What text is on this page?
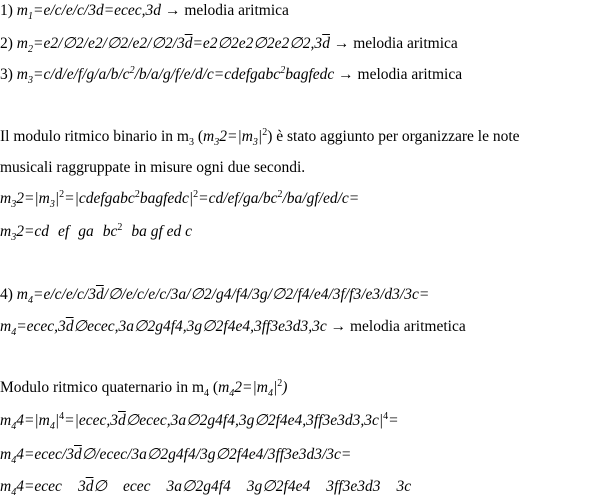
1) $m_1=e/c/e/c/3d=ecec,3d$ → melodia aritmica
2) $m_2=e2/\emptyset 2/e2/\emptyset 2/e2/\emptyset 2/3\overline{d}=e2\emptyset 2e2\emptyset 2e2\emptyset 2,3\overline{d}$ → melodia aritmica
3) $m_3=c/d/e/f/g/a/b/c^2/b/a/g/f/e/d/c=cdefgabc^2bagfedc$ → melodia aritmica
Il modulo ritmico binario in $m_3$ $(m_32=|m_3|^2)$ è stato aggiunto per organizzare le note
musicali raggruppate in misure ogni due secondi.
$m_32=|m_3|^2=|cdefgabc^2bagfedc|^2=cd/ef/ga/bc^2/ba/gf/ed/c=$
$m_32=cd$ ef ga $bc^2$ ba gf ed c
4) $m_4=e/c/e/c/3\overline{d}/\emptyset/e/c/e/c/3a/\emptyset 2/g4/f4/3g/\emptyset 2/f4/e4/3f/f3/e3/d3/3c=$
$m_4=ecec,3\overline{d}\emptyset ecec,3a\emptyset 2g4f4,3g\emptyset 2f4e4,3ff3e3d3,3c$ → melodia aritmetica
Modulo ritmico quaternario in $m_4$ $(m_42=|m_4|^2)$
$m_44=|m_4|^4=|ecec,3\overline{d}\emptyset ecec,3a\emptyset 2g4f4,3g\emptyset 2f4e4,3ff3e3d3,3c|^4=$
$m_44=ecec/3\overline{d}\emptyset/ecec/3a\emptyset 2g4f4/3g\emptyset 2f4e4/3ff3e3d3/3c=$
$m_44=ecec$ $3\overline{d}\emptyset$ ecec 3a∅2g4f4 3g∅2f4e4 3ff3e3d3 3c
